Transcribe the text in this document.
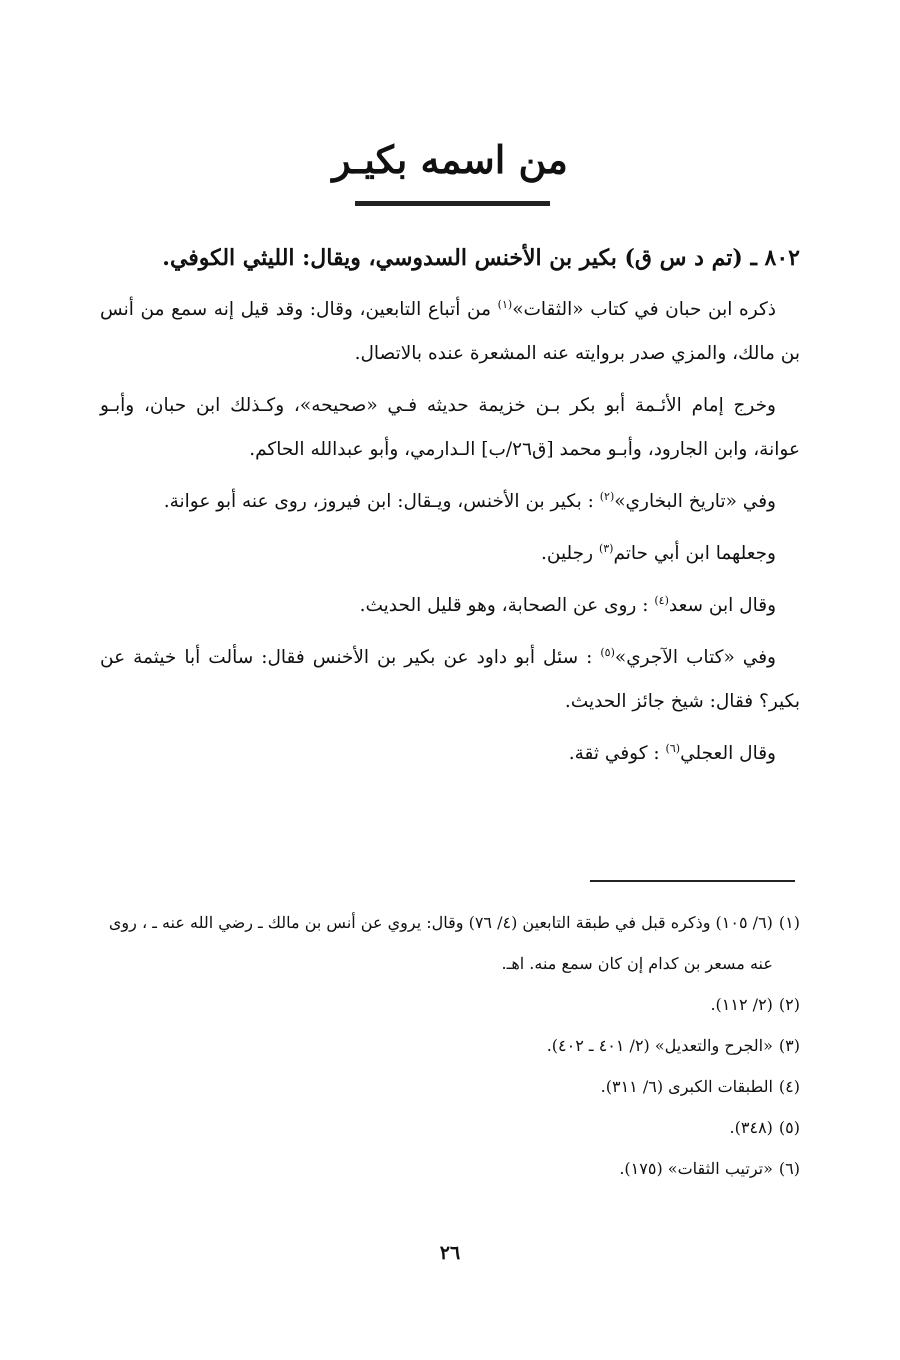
من اسمه بكيـر
٨٠٢ ـ (تم د س ق) بكير بن الأخنس السدوسي، ويقال: الليثي الكوفي.

ذكره ابن حبان في كتاب «الثقات»$^{(١)}$ من أتباع التابعين، وقال: وقد قيل إنه سمع من أنس بن مالك، والمزي صدر بروايته عنه المشعرة عنده بالاتصال.

وخرج إمام الأئـمة أبو بكر بـن خزيمة حديثه فـي «صحيحه»، وكـذلك ابن حبان، وأبـو عوانة، وابن الجارود، وأبـو محمد [ق٢٦/ب] الـدارمي، وأبو عبدالله الحاكم.

وفي «تاريخ البخاري»$^{(٢)}$ : بكير بن الأخنس، ويـقال: ابن فيروز، روى عنه أبو عوانة.

وجعلهما ابن أبي حاتم$^{(٣)}$ رجلين.

وقال ابن سعد$^{(٤)}$ : روى عن الصحابة، وهو قليل الحديث.

وفي «كتاب الآجري»$^{(٥)}$ : سئل أبو داود عن بكير بن الأخنس فقال: سألت أبا خيثمة عن بكير؟ فقال: شيخ جائز الحديث.

وقال العجلي$^{(٦)}$ : كوفي ثقة.

(١)
(٦/ ١٠٥) وذكره قبل في طبقة التابعين (٤/ ٧٦) وقال: يروي عن أنس بن مالك ـ رضي الله عنه ـ ، روى عنه مسعر بن كدام إن كان سمع منه. اهـ.
(٢)
(٢/ ١١٢).
(٣)
«الجرح والتعديل» (٢/ ٤٠١ ـ ٤٠٢).
(٤)
الطبقات الكبرى (٦/ ٣١١).
(٥)
(٣٤٨).
(٦)
«ترتيب الثقات» (١٧٥).
٢٦
